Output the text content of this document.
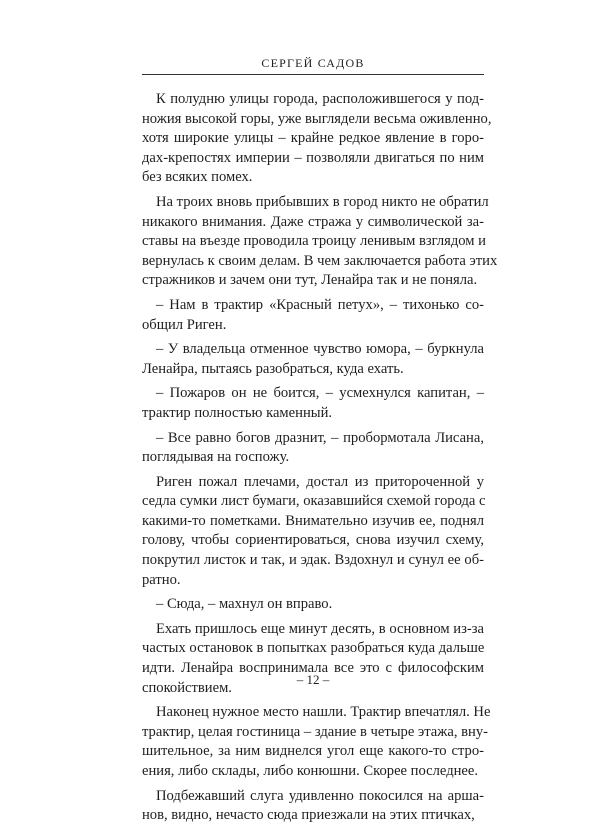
СЕРГЕЙ САДОВ

К полудню улицы города, расположившегося у под-
ножия высокой горы, уже выглядели весьма оживленно,
хотя широкие улицы – крайне редкое явление в горо-
дах-крепостях империи – позволяли двигаться по ним
без всяких помех.

На троих вновь прибывших в город никто не обратил
никакого внимания. Даже стража у символической за-
ставы на въезде проводила троицу ленивым взглядом и
вернулась к своим делам. В чем заключается работа этих
стражников и зачем они тут, Ленайра так и не поняла.

– Нам в трактир «Красный петух», – тихонько со-
общил Риген.

– У владельца отменное чувство юмора, – буркнула
Ленайра, пытаясь разобраться, куда ехать.

– Пожаров он не боится, – усмехнулся капитан, –
трактир полностью каменный.

– Все равно богов дразнит, – пробормотала Лисана,
поглядывая на госпожу.

Риген пожал плечами, достал из притороченной у
седла сумки лист бумаги, оказавшийся схемой города с
какими-то пометками. Внимательно изучив ее, поднял
голову, чтобы сориентироваться, снова изучил схему,
покрутил листок и так, и эдак. Вздохнул и сунул ее об-
ратно.

– Сюда, – махнул он вправо.

Ехать пришлось еще минут десять, в основном из-за
частых остановок в попытках разобраться куда дальше
идти. Ленайра воспринимала все это с философским
спокойствием.

Наконец нужное место нашли. Трактир впечатлял. Не
трактир, целая гостиница – здание в четыре этажа, вну-
шительное, за ним виднелся угол еще какого-то стро-
ения, либо склады, либо конюшни. Скорее последнее.

Подбежавший слуга удивленно покосился на аршa-
нов, видно, нечасто сюда приезжали на этих птичках,

– 12 –
